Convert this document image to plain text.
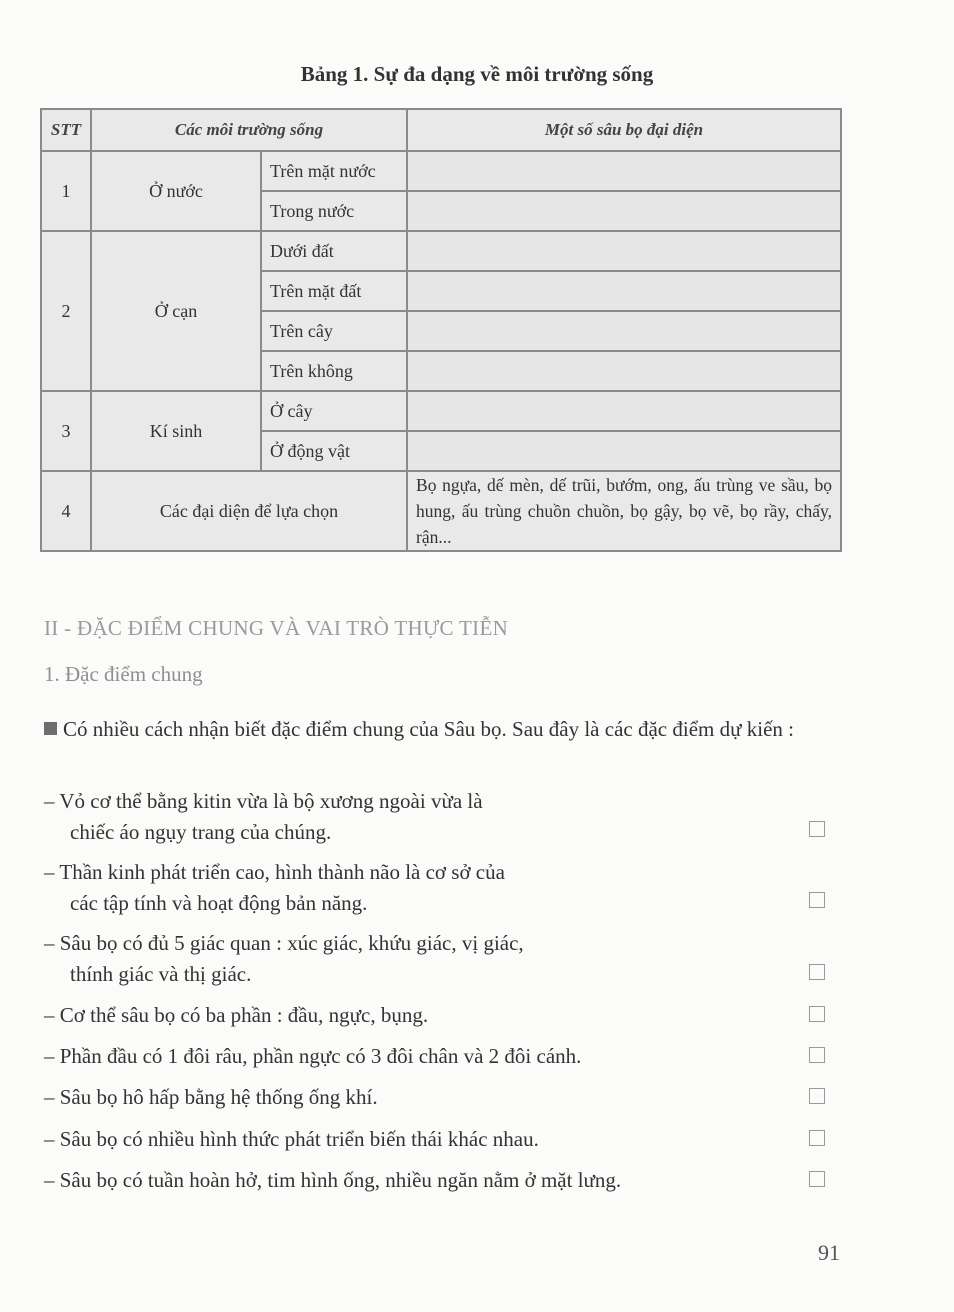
Bảng 1. Sự đa dạng về môi trường sống
STT	Các môi trường sống		Một số sâu bọ đại diện
1	Ở nước	Trên mặt nước	
		Trong nước	
2	Ở cạn	Dưới đất	
		Trên mặt đất	
		Trên cây	
		Trên không	
3	Kí sinh	Ở cây	
		Ở động vật	
4	Các đại diện để lựa chọn		Bọ ngựa, dế mèn, dế trũi, bướm, ong, ấu trùng ve sầu, bọ hung, ấu trùng chuồn chuồn, bọ gậy, bọ vẽ, bọ rầy, chấy, rận...
II - ĐẶC ĐIỂM CHUNG VÀ VAI TRÒ THỰC TIỄN
1. Đặc điểm chung
Có nhiều cách nhận biết đặc điểm chung của Sâu bọ. Sau đây là các đặc điểm dự kiến :
– Vỏ cơ thể bằng kitin vừa là bộ xương ngoài vừa là
chiếc áo ngụy trang của chúng.
– Thần kinh phát triển cao, hình thành não là cơ sở của
các tập tính và hoạt động bản năng.
– Sâu bọ có đủ 5 giác quan : xúc giác, khứu giác, vị giác,
thính giác và thị giác.
– Cơ thể sâu bọ có ba phần : đầu, ngực, bụng.
– Phần đầu có 1 đôi râu, phần ngực có 3 đôi chân và 2 đôi cánh.
– Sâu bọ hô hấp bằng hệ thống ống khí.
– Sâu bọ có nhiều hình thức phát triển biến thái khác nhau.
– Sâu bọ có tuần hoàn hở, tim hình ống, nhiều ngăn nằm ở mặt lưng.
91
